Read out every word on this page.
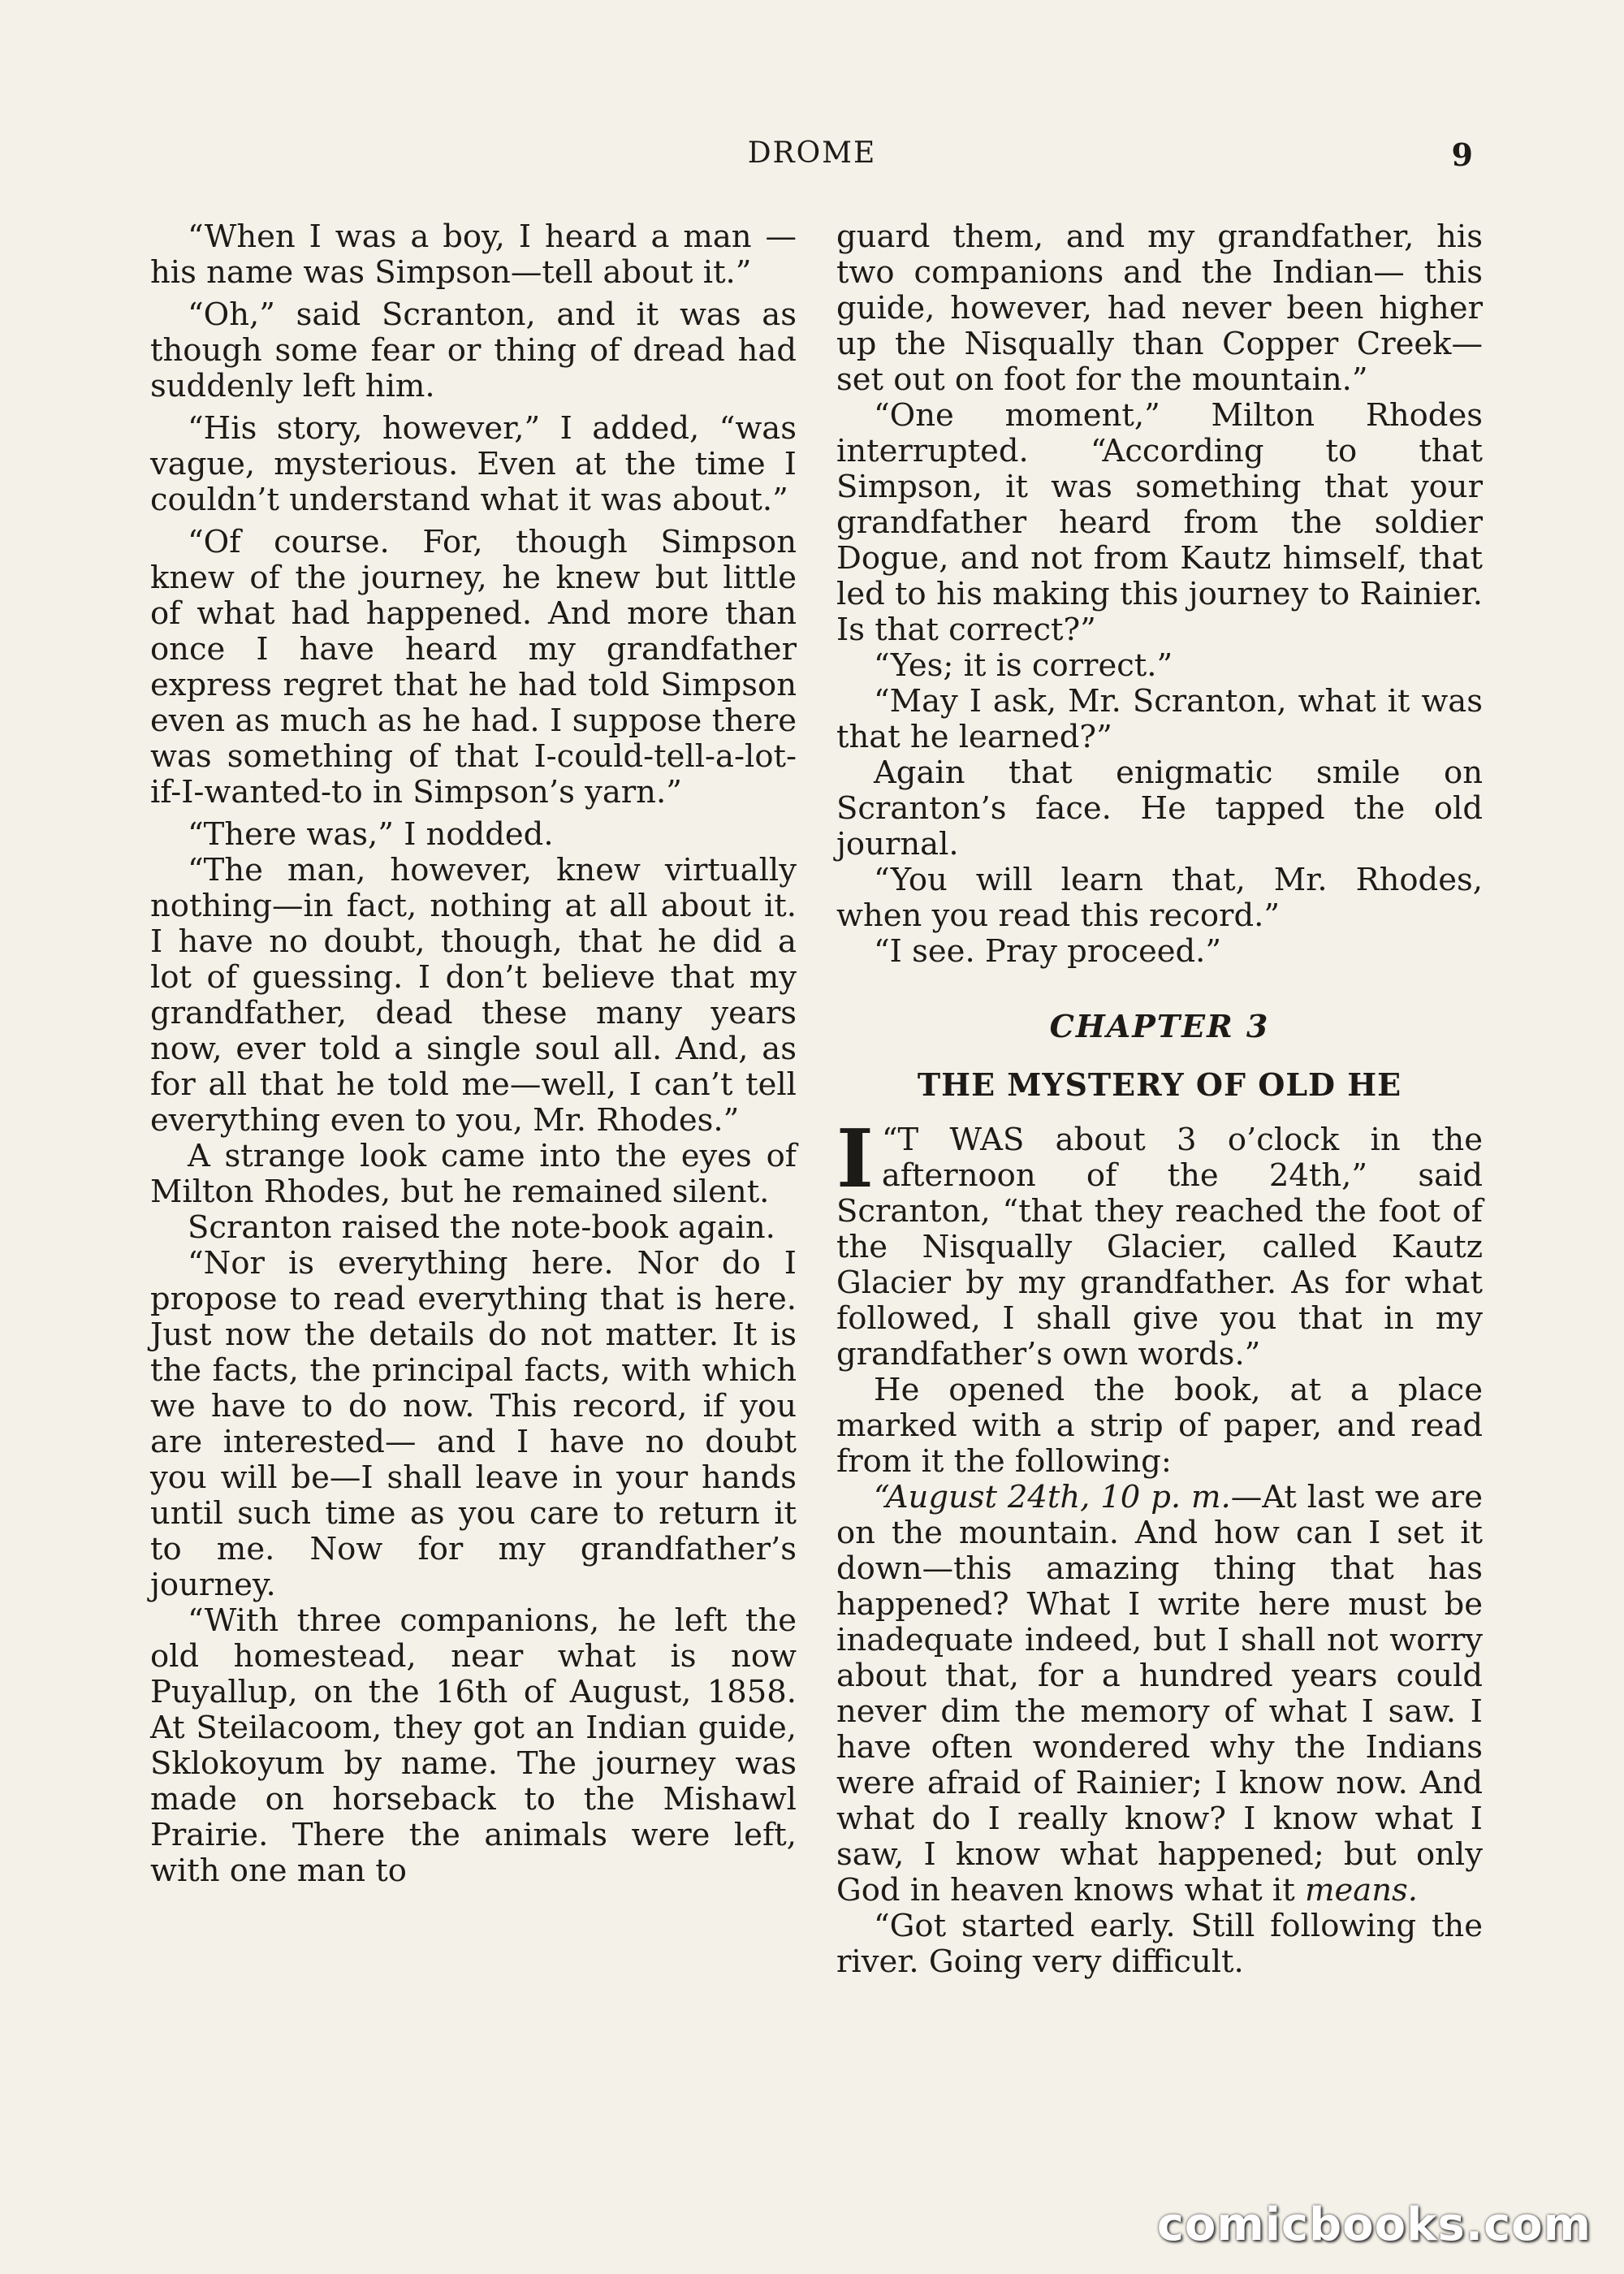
DROME	9

“When I was a boy, I heard a man —his name was Simpson—tell about it.”

“Oh,” said Scranton, and it was as though some fear or thing of dread had suddenly left him.

“His story, however,” I added, “was vague, mysterious. Even at the time I couldn’t understand what it was about.”

“Of course. For, though Simpson knew of the journey, he knew but little of what had happened. And more than once I have heard my grandfather express regret that he had told Simpson even as much as he had. I suppose there was something of that I-could-tell-a-lot-if-I-wanted-to in Simpson’s yarn.”

“There was,” I nodded.

“The man, however, knew virtually nothing—in fact, nothing at all about it. I have no doubt, though, that he did a lot of guessing. I don’t believe that my grandfather, dead these many years now, ever told a single soul all. And, as for all that he told me—well, I can’t tell everything even to you, Mr. Rhodes.”

A strange look came into the eyes of Milton Rhodes, but he remained silent.

Scranton raised the note-book again.

“Nor is everything here. Nor do I propose to read everything that is here. Just now the details do not matter. It is the facts, the principal facts, with which we have to do now. This record, if you are interested— and I have no doubt you will be—I shall leave in your hands until such time as you care to return it to me. Now for my grandfather’s journey.

“With three companions, he left the old homestead, near what is now Puyallup, on the 16th of August, 1858. At Steilacoom, they got an Indian guide, Sklokoyum by name. The journey was made on horseback to the Mishawl Prairie. There the animals were left, with one man to

guard them, and my grandfather, his two companions and the Indian— this guide, however, had never been higher up the Nisqually than Copper Creek—set out on foot for the mountain.”

“One moment,” Milton Rhodes interrupted. “According to that Simpson, it was something that your grandfather heard from the soldier Dogue, and not from Kautz himself, that led to his making this journey to Rainier. Is that correct?”

“Yes; it is correct.”

“May I ask, Mr. Scranton, what it was that he learned?”

Again that enigmatic smile on Scranton’s face. He tapped the old journal.

“You will learn that, Mr. Rhodes, when you read this record.”

“I see. Pray proceed.”

CHAPTER 3
THE MYSTERY OF OLD HE

“
I T WAS about 3 o’clock in the afternoon of the 24th,” said Scranton, “that they reached the foot of the Nisqually Glacier, called Kautz Glacier by my grandfather. As for what followed, I shall give you that in my grandfather’s own words.”

He opened the book, at a place marked with a strip of paper, and read from it the following:

“August 24th, 10 p. m.—At last we are on the mountain. And how can I set it down—this amazing thing that has happened? What I write here must be inadequate indeed, but I shall not worry about that, for a hundred years could never dim the memory of what I saw. I have often wondered why the Indians were afraid of Rainier; I know now. And what do I really know? I know what I saw, I know what happened; but only God in heaven knows what it means.

“Got started early. Still following the river. Going very difficult.

comicbooks.com
